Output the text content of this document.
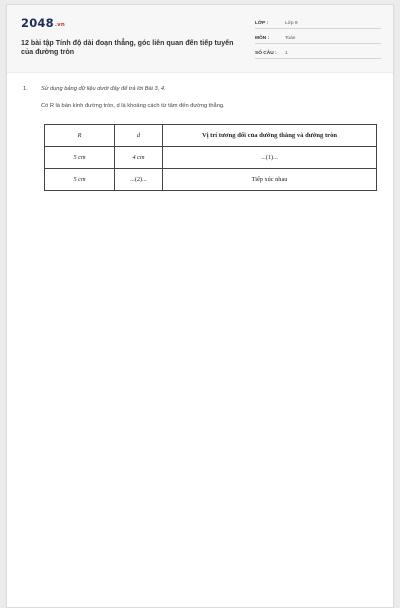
2048.vn
12 bài tập Tính độ dài đoạn thẳng, góc liên quan đến tiếp tuyến của đường tròn
LỚP :	Lớp 9
MÔN :	Toán
SỐ CÂU :	1
1. Sử dụng bảng dữ liệu dưới đây để trả lời Bài 3, 4.
Có R là bán kính đường tròn, d là khoảng cách từ tâm đến đường thẳng.
R	d	Vị trí tương đối của đường thẳng và đường tròn
5 cm	4 cm	...(1)...
5 cm	...(2)...	Tiếp xúc nhau
